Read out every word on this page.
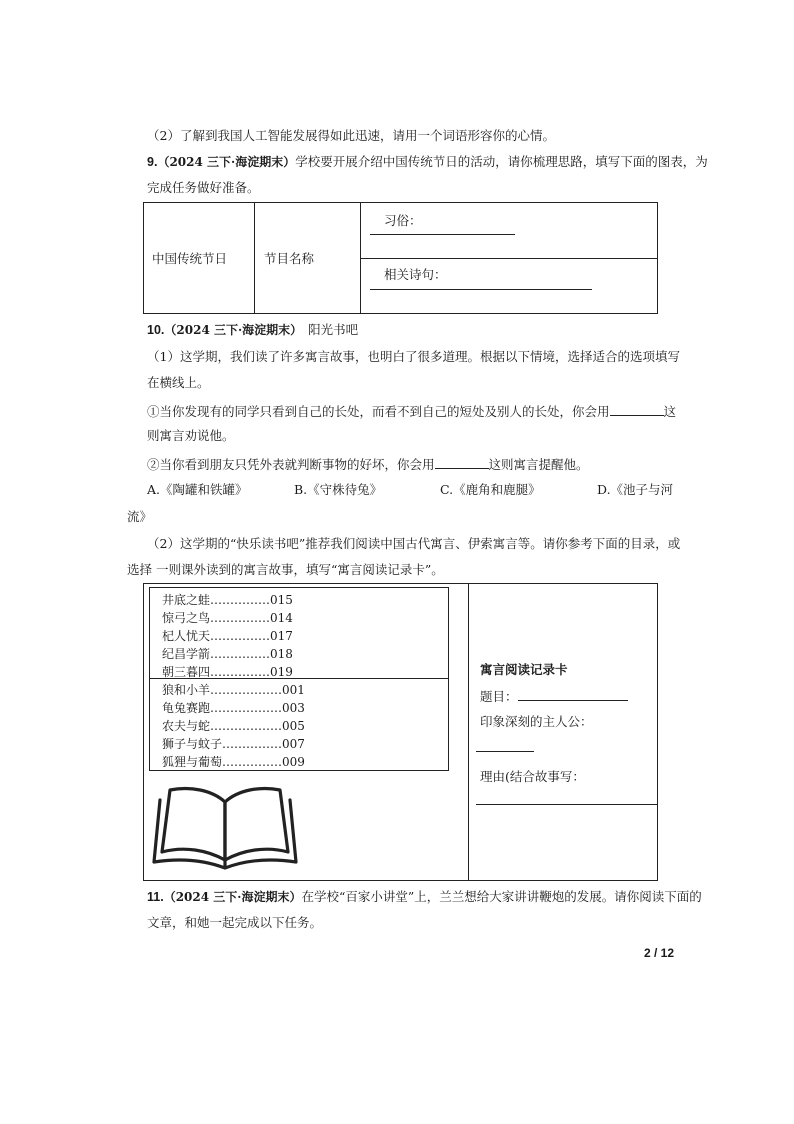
（2）了解到我国人工智能发展得如此迅速，请用一个词语形容你的心情。
9.（2024 三下·海淀期末）学校要开展介绍中国传统节日的活动，请你梳理思路，填写下面的图表，为
完成任务做好准备。
中国传统节日	节目名称
习俗：
相关诗句：
10.（2024 三下·海淀期末） 阳光书吧
（1）这学期，我们读了许多寓言故事，也明白了很多道理。根据以下情境，选择适合的选项填写
在横线上。
①当你发现有的同学只看到自己的长处，而看不到自己的短处及别人的长处，你会用	这
则寓言劝说他。
②当你看到朋友只凭外表就判断事物的好坏，你会用	这则寓言提醒他。
A.《陶罐和铁罐》	B.《守株待兔》	C.《鹿角和鹿腿》	D.《池子与河
流》
（2）这学期的“快乐读书吧”推荐我们阅读中国古代寓言、伊索寓言等。请你参考下面的目录，或
选择 一则课外读到的寓言故事，填写“寓言阅读记录卡”。
井底之蛙……………015
惊弓之鸟……………014
杞人忧天……………017
纪昌学箭……………018
朝三暮四……………019
狼和小羊………………001
龟兔赛跑………………003
农夫与蛇………………005
狮子与蚊子……………007
狐狸与葡萄……………009
寓言阅读记录卡
题目：
印象深刻的主人公：
理由(结合故事写：
11.（2024 三下·海淀期末）在学校“百家小讲堂”上，兰兰想给大家讲讲鞭炮的发展。请你阅读下面的
文章，和她一起完成以下任务。
2 / 12
